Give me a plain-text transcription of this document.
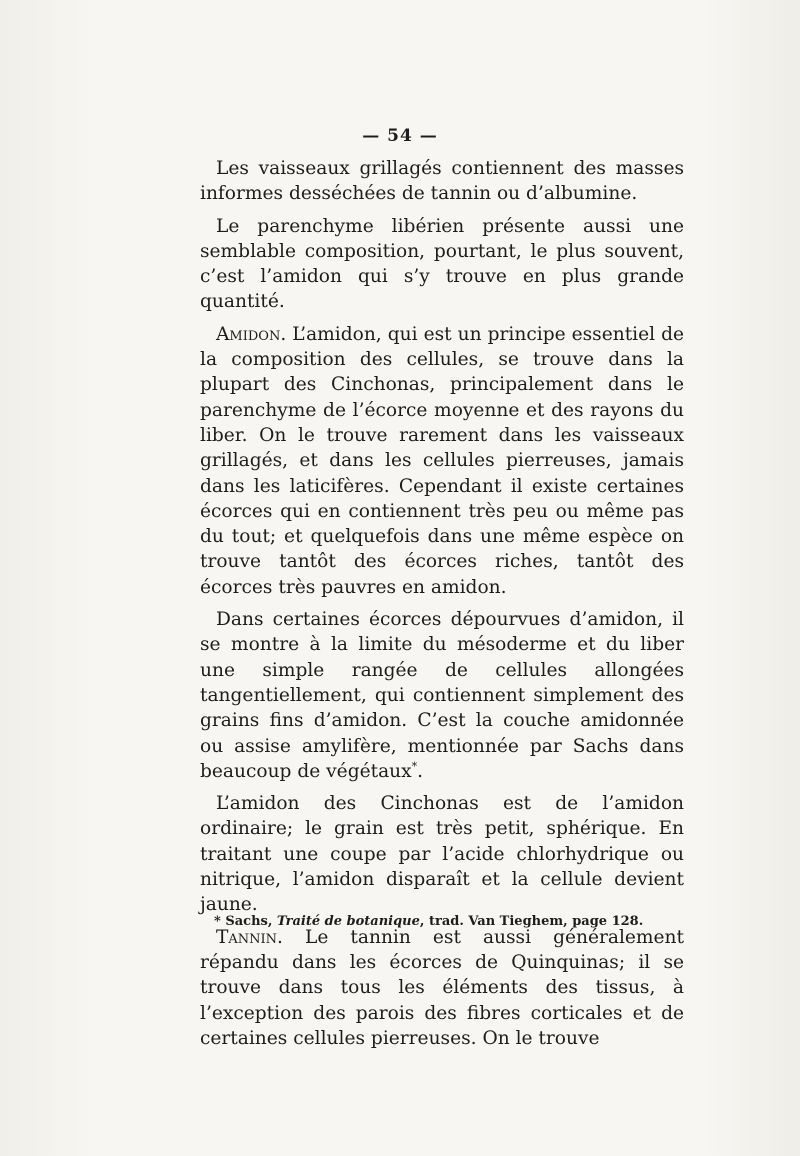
— 54 —

Les vaisseaux grillagés contiennent des masses informes desséchées de tannin ou d’albumine.

Le parenchyme libérien présente aussi une semblable composition, pourtant, le plus souvent, c’est l’amidon qui s’y trouve en plus grande quantité.

Amidon. L’amidon, qui est un principe essentiel de la composition des cellules, se trouve dans la plupart des Cinchonas, principalement dans le parenchyme de l’écorce moyenne et des rayons du liber. On le trouve rarement dans les vaisseaux grillagés, et dans les cellules pierreuses, jamais dans les laticifères. Cependant il existe certaines écorces qui en contiennent très peu ou même pas du tout; et quelquefois dans une même espèce on trouve tantôt des écorces riches, tantôt des écorces très pauvres en amidon.

Dans certaines écorces dépourvues d’amidon, il se montre à la limite du mésoderme et du liber une simple rangée de cellules allongées tangentiellement, qui contiennent simplement des grains fins d’amidon. C’est la couche amidonnée ou assise amylifère, mentionnée par Sachs dans beaucoup de végétaux*.

L’amidon des Cinchonas est de l’amidon ordinaire; le grain est très petit, sphérique. En traitant une coupe par l’acide chlorhydrique ou nitrique, l’amidon disparaît et la cellule devient jaune.

Tannin. Le tannin est aussi généralement répandu dans les écorces de Quinquinas; il se trouve dans tous les éléments des tissus, à l’exception des parois des fibres corticales et de certaines cellules pierreuses. On le trouve

* Sachs, Traité de botanique, trad. Van Tieghem, page 128.
